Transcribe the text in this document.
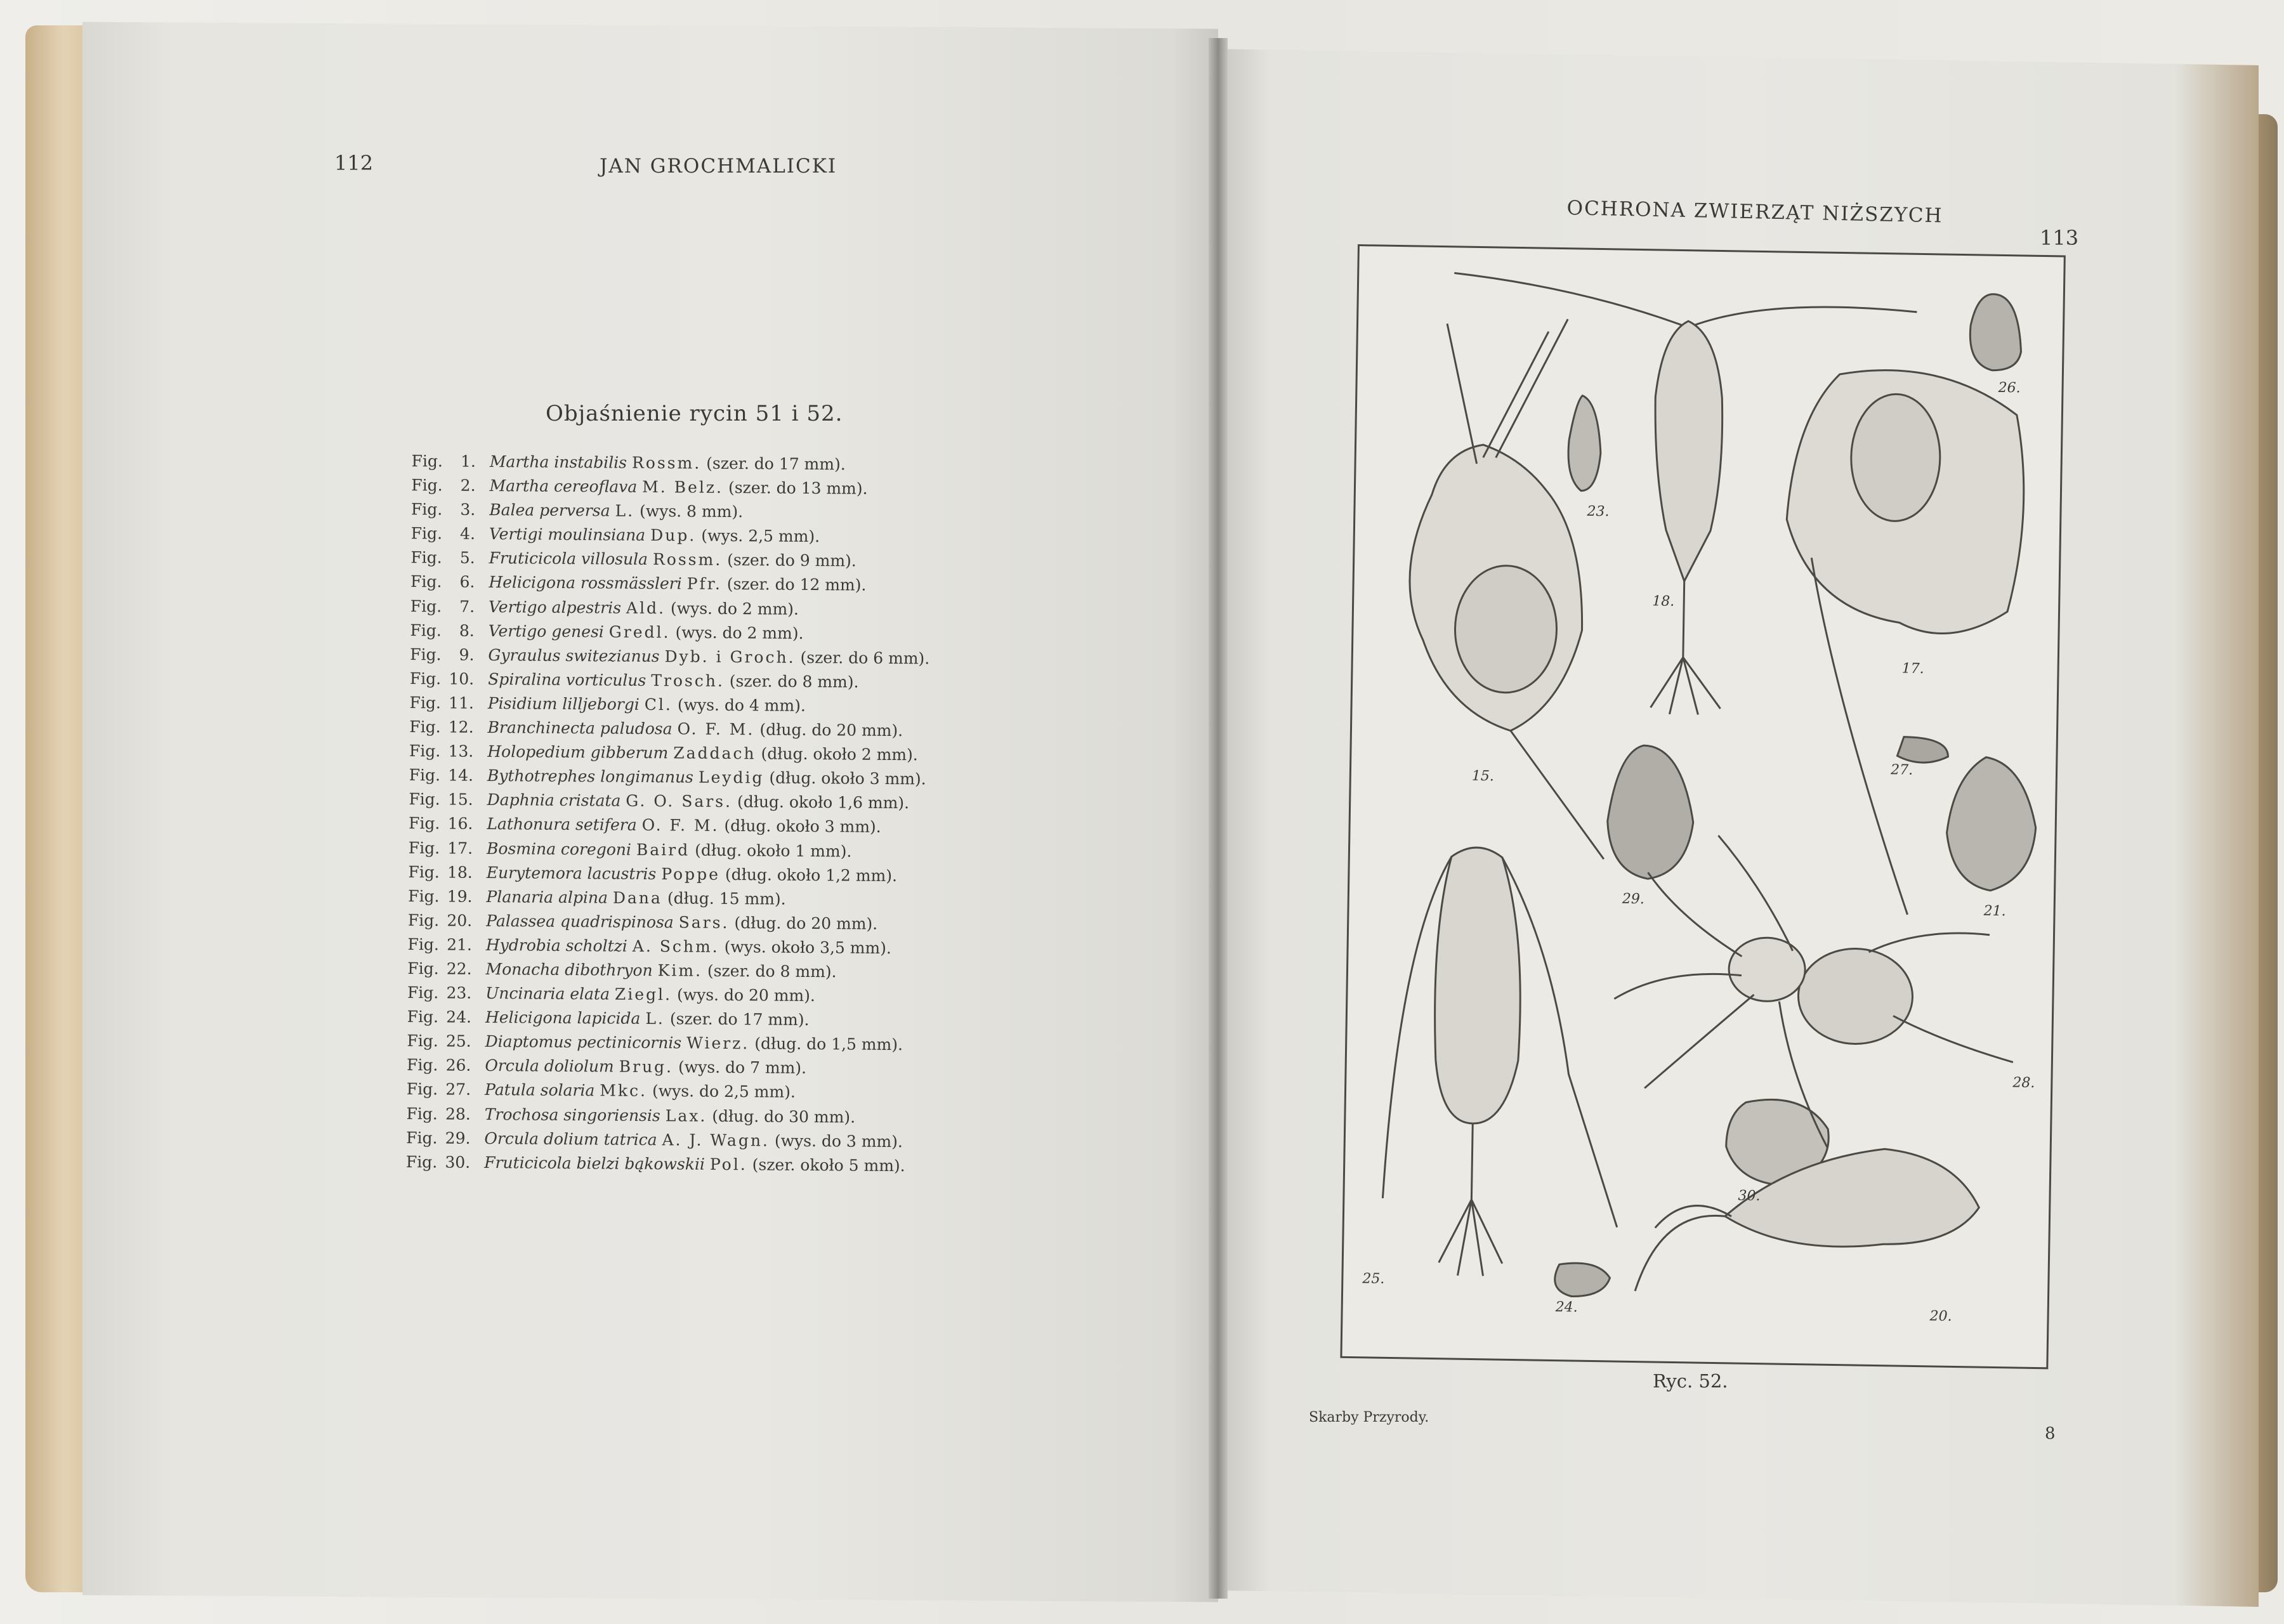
112	JAN GROCHMALICKI
Objaśnienie rycin 51 i 52.
Fig.	1. Martha instabilis Rossm. (szer. do 17 mm).
Fig.	2. Martha cereoflava M. Belz. (szer. do 13 mm).
Fig.	3. Balea perversa L. (wys. 8 mm).
Fig.	4. Vertigi moulinsiana Dup. (wys. 2,5 mm).
Fig.	5. Fruticicola villosula Rossm. (szer. do 9 mm).
Fig.	6. Helicigona rossmässleri Pfr. (szer. do 12 mm).
Fig.	7. Vertigo alpestris Ald. (wys. do 2 mm).
Fig.	8. Vertigo genesi Gredl. (wys. do 2 mm).
Fig.	9. Gyraulus switezianus Dyb. i Groch. (szer. do 6 mm).
Fig. 10. Spiralina vorticulus Trosch. (szer. do 8 mm).
Fig. 11. Pisidium lilljeborgi Cl. (wys. do 4 mm).
Fig. 12. Branchinecta paludosa O. F. M. (dług. do 20 mm).
Fig. 13. Holopedium gibberum Zaddach (dług. około 2 mm).
Fig. 14. Bythotrephes longimanus Leydig (dług. około 3 mm).
Fig. 15. Daphnia cristata G. O. Sars. (dług. około 1,6 mm).
Fig. 16. Lathonura setifera O. F. M. (dług. około 3 mm).
Fig. 17. Bosmina coregoni Baird (dług. około 1 mm).
Fig. 18. Eurytemora lacustris Poppe (dług. około 1,2 mm).
Fig. 19. Planaria alpina Dana (dług. 15 mm).
Fig. 20. Palassea quadrispinosa Sars. (dług. do 20 mm).
Fig. 21. Hydrobia scholtzi A. Schm. (wys. około 3,5 mm).
Fig. 22. Monacha dibothryon Kim. (szer. do 8 mm).
Fig. 23. Uncinaria elata Ziegl. (wys. do 20 mm).
Fig. 24. Helicigona lapicida L. (szer. do 17 mm).
Fig. 25. Diaptomus pectinicornis Wierz. (dług. do 1,5 mm).
Fig. 26. Orcula doliolum Brug. (wys. do 7 mm).
Fig. 27. Patula solaria Mkc. (wys. do 2,5 mm).
Fig. 28. Trochosa singoriensis Lax. (dług. do 30 mm).
Fig. 29. Orcula dolium tatrica A. J. Wagn. (wys. do 3 mm).
Fig. 30. Fruticicola bielzi bąkowskii Pol. (szer. około 5 mm).
OCHRONA ZWIERZĄT NIŻSZYCH
113
15.
17.
18.
20.
21.
23.
24.
25.
26.
27.
28.
29.
30.
Ryc. 52.
Skarby Przyrody.
8
